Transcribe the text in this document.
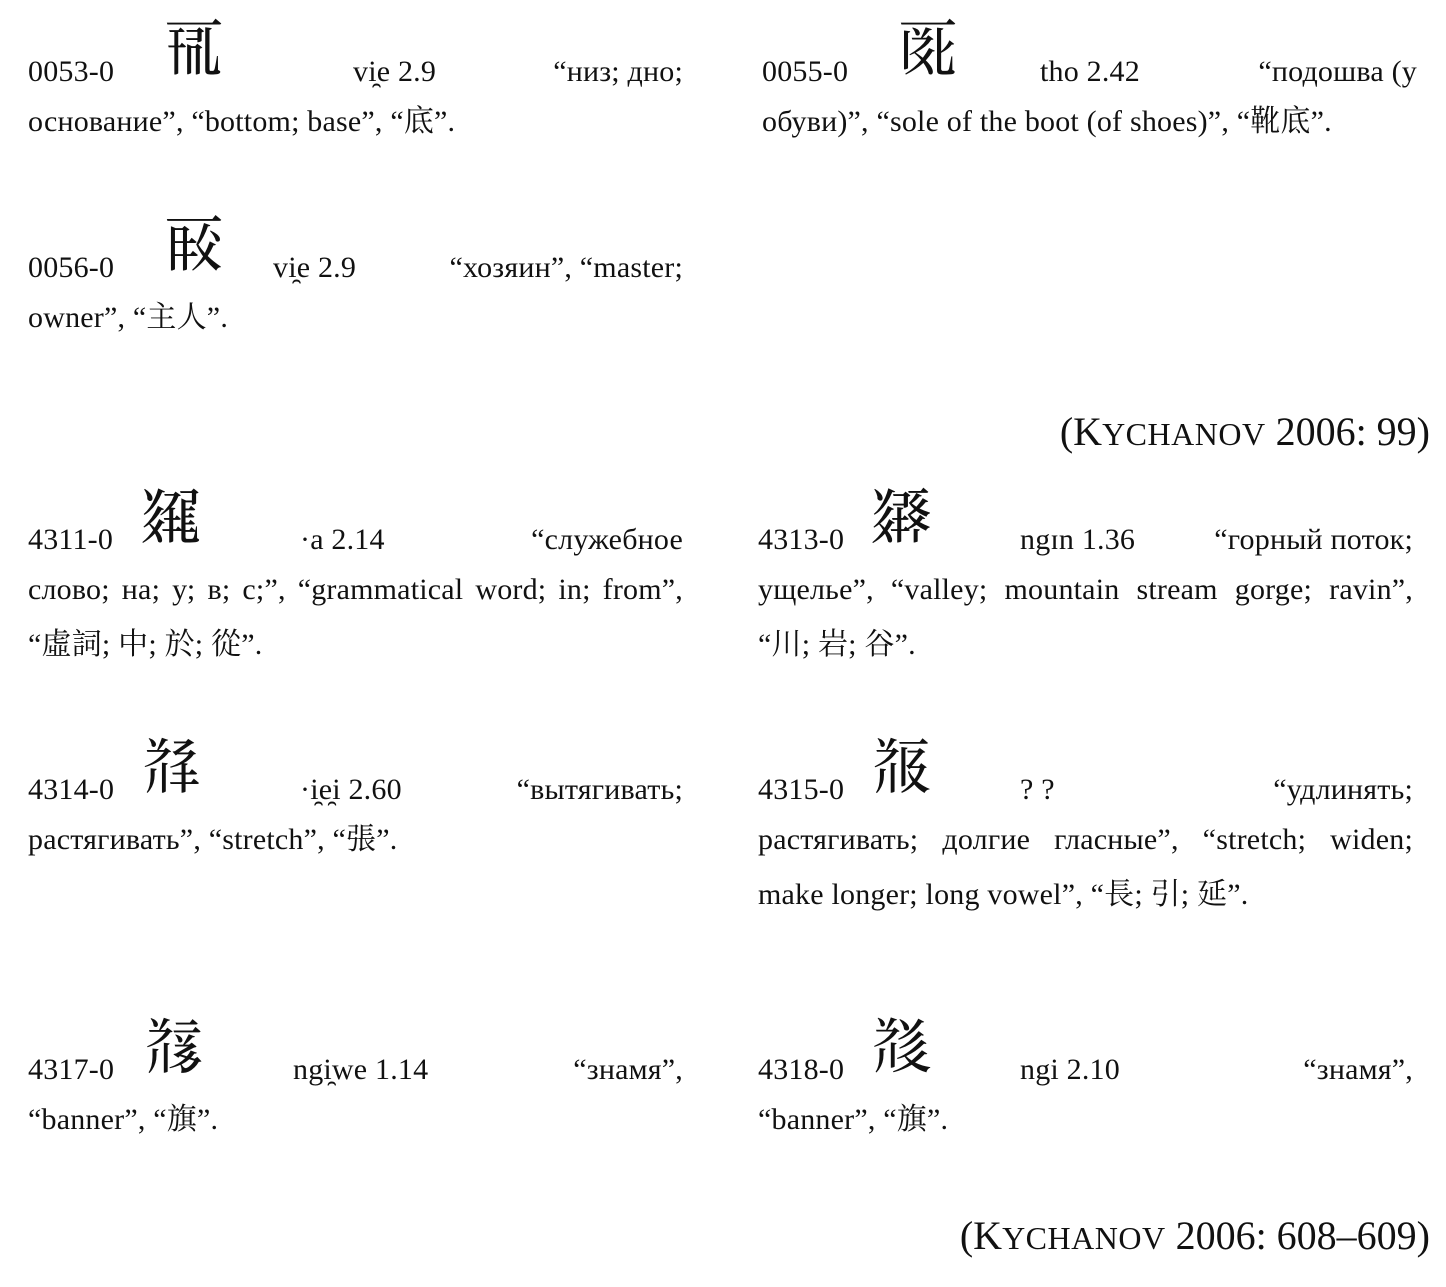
0053-0 𗀋	vi̯e 2.9	“низ; дно;
основание”, “bottom; base”, “底”.
0055-0 𗀍	tho 2.42	“подошва (у
обуви)”, “sole of the boot (of shoes)”, “靴底”.
0056-0 𗀎 vi̯e 2.9	“хозяин”, “master;
owner”, “主人”.
(KYCHANOV 2006: 99)
4311-0 𘃇	·a 2.14	“служебное
слово; на; у; в; с;”, “grammatical word; in; from”, “虛詞; 中; 於; 從”.
4313-0 𘃈	ngɪn 1.36	“горный поток;
ущелье”, “valley; mountain stream gorge; ravin”, “川; 岩; 谷”.
4314-0 𘃉	·i̯e̯i 2.60	“вытягивать;
растягивать”, “stretch”, “張”.
4315-0 𘃊	? ?	“удлинять;
растягивать; долгие гласные”, “stretch; widen; make longer; long vowel”, “長; 引; 延”.
4317-0 𘃋	ngi̯we 1.14	“знамя”,
“banner”, “旗”.
4318-0 𘃌	ngi 2.10	“знамя”,
“banner”, “旗”.
(KYCHANOV 2006: 608–609)
